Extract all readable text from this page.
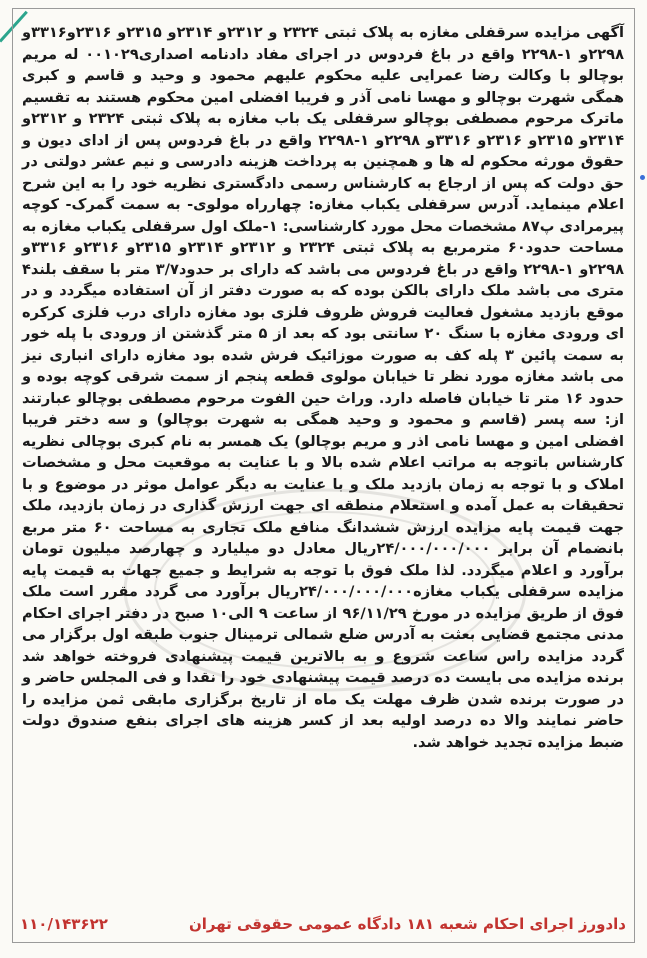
آگهی مزایده سرقفلی مغازه به پلاک ثبتی ۲۳۲۴ و ۲۳۱۲و ۲۳۱۴و ۲۳۱۵و ۲۳۱۶و۳۳۱۶و ۲۲۹۸و ۱-۲۲۹۸ واقع در باغ فردوس در اجرای مفاد دادنامه اصداری۰۰۱۰۲۹ له مریم بوچالو با وکالت رضا عمرایی علیه محکوم علیهم محمود و وحید و قاسم و کبری همگی شهرت بوچالو و مهسا نامی آذر و فریبا افضلی امین محکوم هستند به تقسیم ماترک مرحوم مصطفی بوچالو سرقفلی یک باب مغازه به پلاک ثبتی ۲۳۲۴ و ۲۳۱۲و ۲۳۱۴و ۲۳۱۵و ۲۳۱۶و ۳۳۱۶و ۲۲۹۸و ۱-۲۲۹۸ واقع در باغ فردوس پس از ادای دیون و حقوق مورثه محکوم له ها و همچنین به پرداخت هزینه دادرسی و نیم عشر دولتی در حق دولت که پس از ارجاع به کارشناس رسمی دادگستری نظریه خود را به این شرح اعلام مینماید. آدرس سرقفلی یکباب مغازه: چهارراه مولوی- به سمت گمرک- کوچه پیرمرادی پ۸۷ مشخصات محل مورد کارشناسی: ۱-ملک اول سرقفلی یکباب مغازه به مساحت حدود۶۰ مترمربع به پلاک ثبتی ۲۳۲۴ و ۲۳۱۲و ۲۳۱۴و ۲۳۱۵و ۲۳۱۶و ۳۳۱۶و ۲۲۹۸و ۱-۲۲۹۸ واقع در باغ فردوس می باشد که دارای بر حدود۳/۷ متر با سقف بلند۴ متری می باشد ملک دارای بالکن بوده که به صورت دفتر از آن استفاده میگردد و در موقع بازدید مشغول فعالیت فروش ظروف فلزی بود مغازه دارای درب فلزی کرکره ای ورودی مغازه با سنگ ۲۰ سانتی بود که بعد از ۵ متر گذشتن از ورودی با پله خور به سمت پائین ۳ پله کف به صورت موزائیک فرش شده بود مغازه دارای انباری نیز می باشد مغازه مورد نظر تا خیابان مولوی قطعه پنجم از سمت شرقی کوچه بوده و حدود ۱۶ متر تا خیابان فاصله دارد. وراث حین الفوت مرحوم مصطفی بوچالو عبارتند از: سه پسر (قاسم و محمود و وحید همگی به شهرت بوچالو) و سه دختر فریبا افضلی امین و مهسا نامی اذر و مریم بوچالو) یک همسر به نام کبری بوچالی نظریه کارشناس باتوجه به مراتب اعلام شده بالا و با عنایت به موقعیت محل و مشخصات املاک و با توجه به زمان بازدید ملک و با عنایت به دیگر عوامل موثر در موضوع و با تحقیقات به عمل آمده و استعلام منطقه ای جهت ارزش گذاری در زمان بازدید، ملک جهت قیمت پایه مزایده ارزش ششدانگ منافع ملک تجاری به مساحت ۶۰ متر مربع بانضمام آن برابر ۲۴/۰۰۰/۰۰۰/۰۰۰ریال معادل دو میلیارد و چهارصد میلیون تومان برآورد و اعلام میگردد. لذا ملک فوق با توجه به شرایط و جمیع جهات به قیمت پایه مزایده سرقفلی یکباب مغازه۲۴/۰۰۰/۰۰۰/۰۰۰ریال برآورد می گردد مقرر است ملک فوق از طریق مزایده در مورخ ۹۶/۱۱/۲۹ از ساعت ۹ الی۱۰ صبح در دفتر اجرای احکام مدنی مجتمع قضایی بعثت به آدرس ضلع شمالی ترمینال جنوب طبقه اول برگزار می گردد مزایده راس ساعت شروع و به بالاترین قیمت پیشنهادی فروخته خواهد شد برنده مزایده می بایست ده درصد قیمت پیشنهادی خود را نقدا و فی المجلس حاضر و در صورت برنده شدن ظرف مهلت یک ماه از تاریخ برگزاری مابقی ثمن مزایده را حاضر نمایند والا ده درصد اولیه بعد از کسر هزینه های اجرای بنفع صندوق دولت ضبط مزایده تجدید خواهد شد.

دادورز اجرای احکام شعبه ۱۸۱ دادگاه عمومی حقوقی تهران
۱۱۰/۱۴۳۶۲۲
